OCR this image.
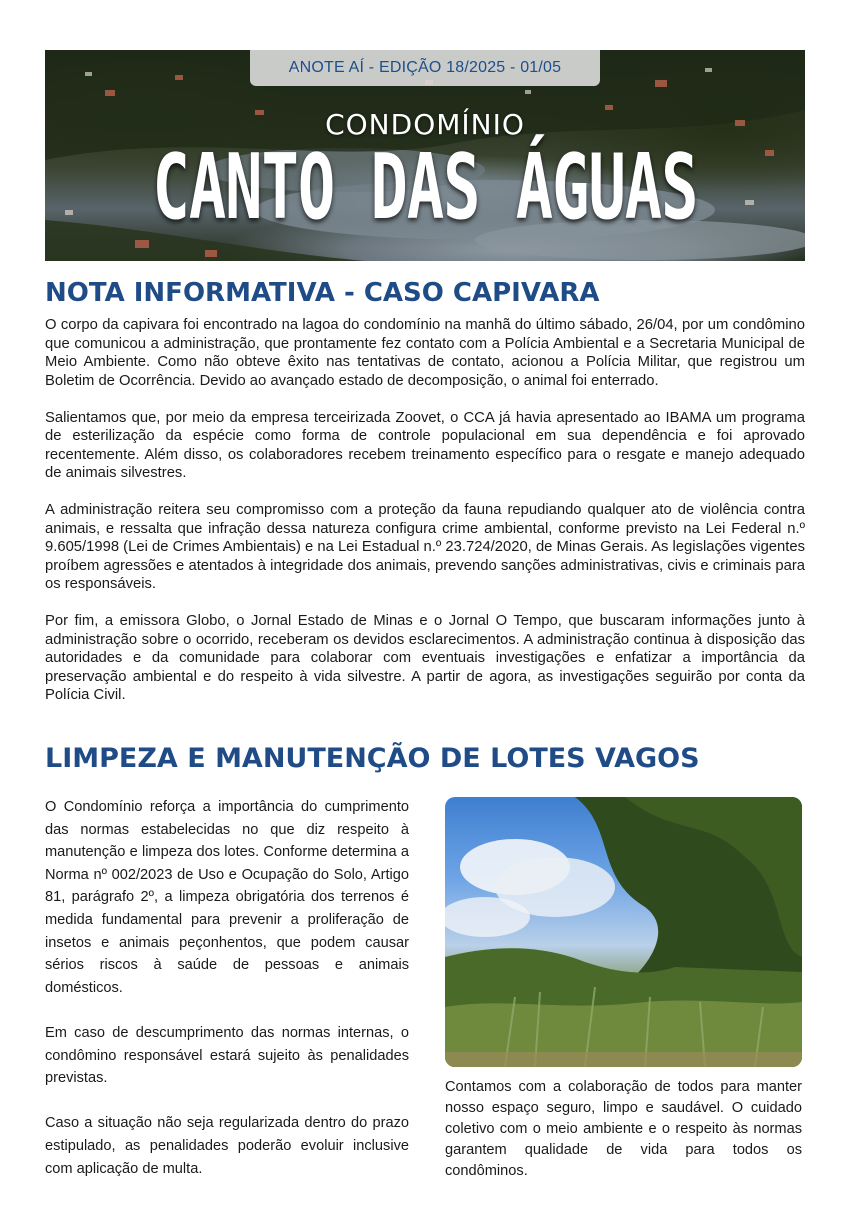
ANOTE AÍ - EDIÇÃO 18/2025 - 01/05
CONDOMÍNIO
CANTO DAS ÁGUAS
NOTA INFORMATIVA - CASO CAPIVARA

O corpo da capivara foi encontrado na lagoa do condomínio na manhã do último sábado, 26/04, por um condômino que comunicou a administração, que prontamente fez contato com a Polícia Ambiental e a Secretaria Municipal de Meio Ambiente. Como não obteve êxito nas tentativas de contato, acionou a Polícia Militar, que registrou um Boletim de Ocorrência. Devido ao avançado estado de decomposição, o animal foi enterrado.

Salientamos que, por meio da empresa terceirizada Zoovet, o CCA já havia apresentado ao IBAMA um programa de esterilização da espécie como forma de controle populacional em sua dependência e foi aprovado recentemente. Além disso, os colaboradores recebem treinamento específico para o resgate e manejo adequado de animais silvestres.

A administração reitera seu compromisso com a proteção da fauna repudiando qualquer ato de violência contra animais, e ressalta que infração dessa natureza configura crime ambiental, conforme previsto na Lei Federal n.º 9.605/1998 (Lei de Crimes Ambientais) e na Lei Estadual n.º 23.724/2020, de Minas Gerais. As legislações vigentes proíbem agressões e atentados à integridade dos animais, prevendo sanções administrativas, civis e criminais para os responsáveis.

Por fim, a emissora Globo, o Jornal Estado de Minas e o Jornal O Tempo, que buscaram informações junto à administração sobre o ocorrido, receberam os devidos esclarecimentos. A administração continua à disposição das autoridades e da comunidade para colaborar com eventuais investigações e enfatizar a importância da preservação ambiental e do respeito à vida silvestre. A partir de agora, as investigações seguirão por conta da Polícia Civil.

LIMPEZA E MANUTENÇÃO DE LOTES VAGOS

O Condomínio reforça a importância do cumprimento das normas estabelecidas no que diz respeito à manutenção e limpeza dos lotes. Conforme determina a Norma nº 002/2023 de Uso e Ocupação do Solo, Artigo 81, parágrafo 2º, a limpeza obrigatória dos terrenos é medida fundamental para prevenir a proliferação de insetos e animais peçonhentos, que podem causar sérios riscos à saúde de pessoas e animais domésticos.

Em caso de descumprimento das normas internas, o condômino responsável estará sujeito às penalidades previstas.

Caso a situação não seja regularizada dentro do prazo estipulado, as penalidades poderão evoluir inclusive com aplicação de multa.

Contamos com a colaboração de todos para manter nosso espaço seguro, limpo e saudável. O cuidado coletivo com o meio ambiente e o respeito às normas garantem qualidade de vida para todos os condôminos.
